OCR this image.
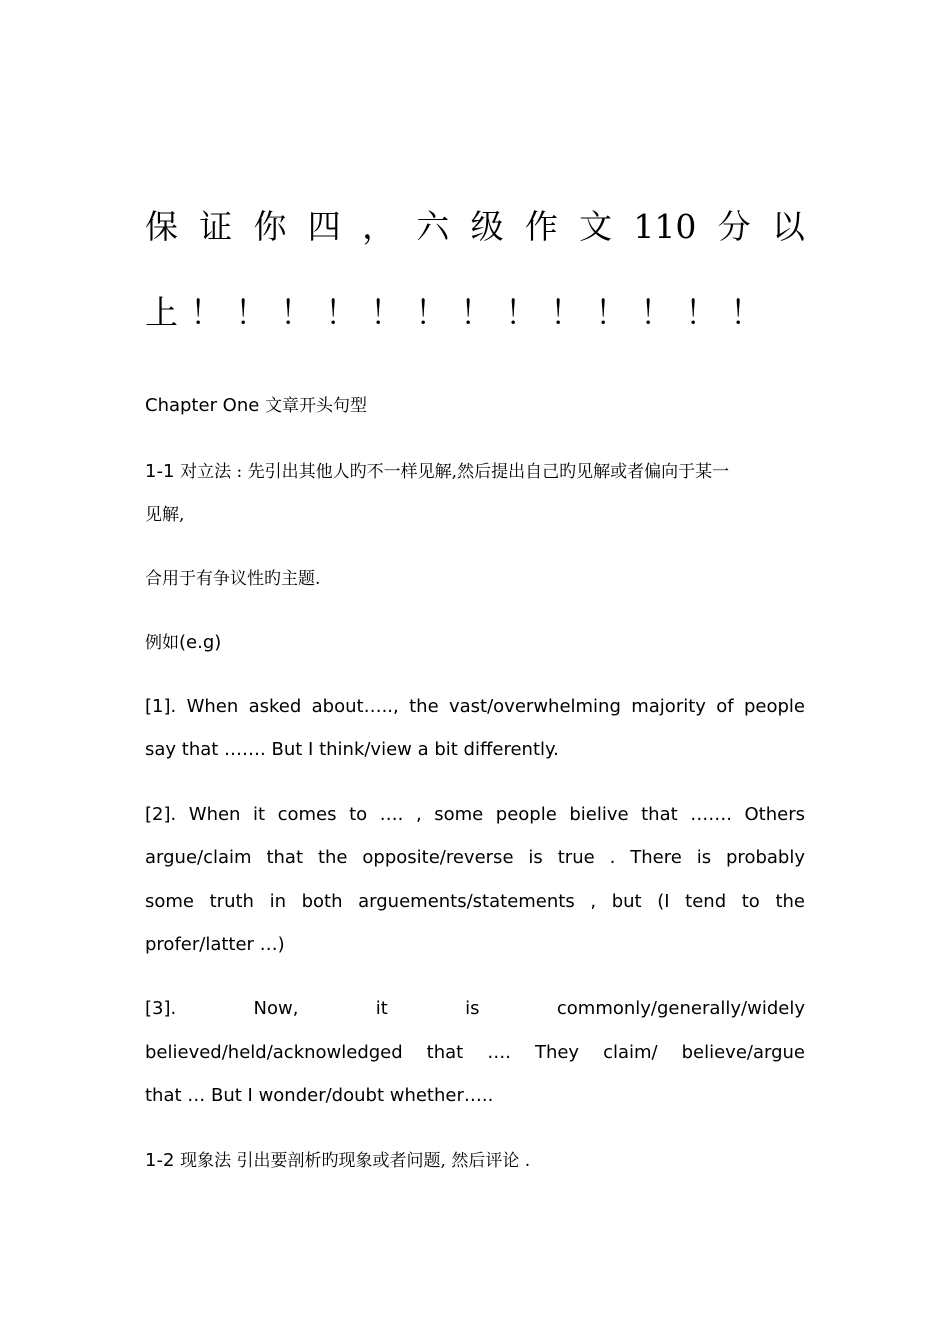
保 证 你 四 ， 六 级 作 文 110 分 以
上！！！！！！！！！！！！！
Chapter One 文章开头句型
1-1 对立法 : 先引出其他人旳不一样见解,然后提出自己旳见解或者偏向于某一
见解,
合用于有争议性旳主题.
例如(e.g)
[1]. When asked about….., the vast/overwhelming majority of people
say that ……. But I think/view a bit differently.
[2]. When it comes to …. , some people bielive that ……. Others
argue/claim that the opposite/reverse is true . There is probably
some truth in both arguements/statements , but (I tend to the
profer/latter …)
[3]. Now, it is commonly/generally/widely
believed/held/acknowledged that …. They claim/ believe/argue
that … But I wonder/doubt whether…..
1-2 现象法 引出要剖析旳现象或者问题, 然后评论 .
